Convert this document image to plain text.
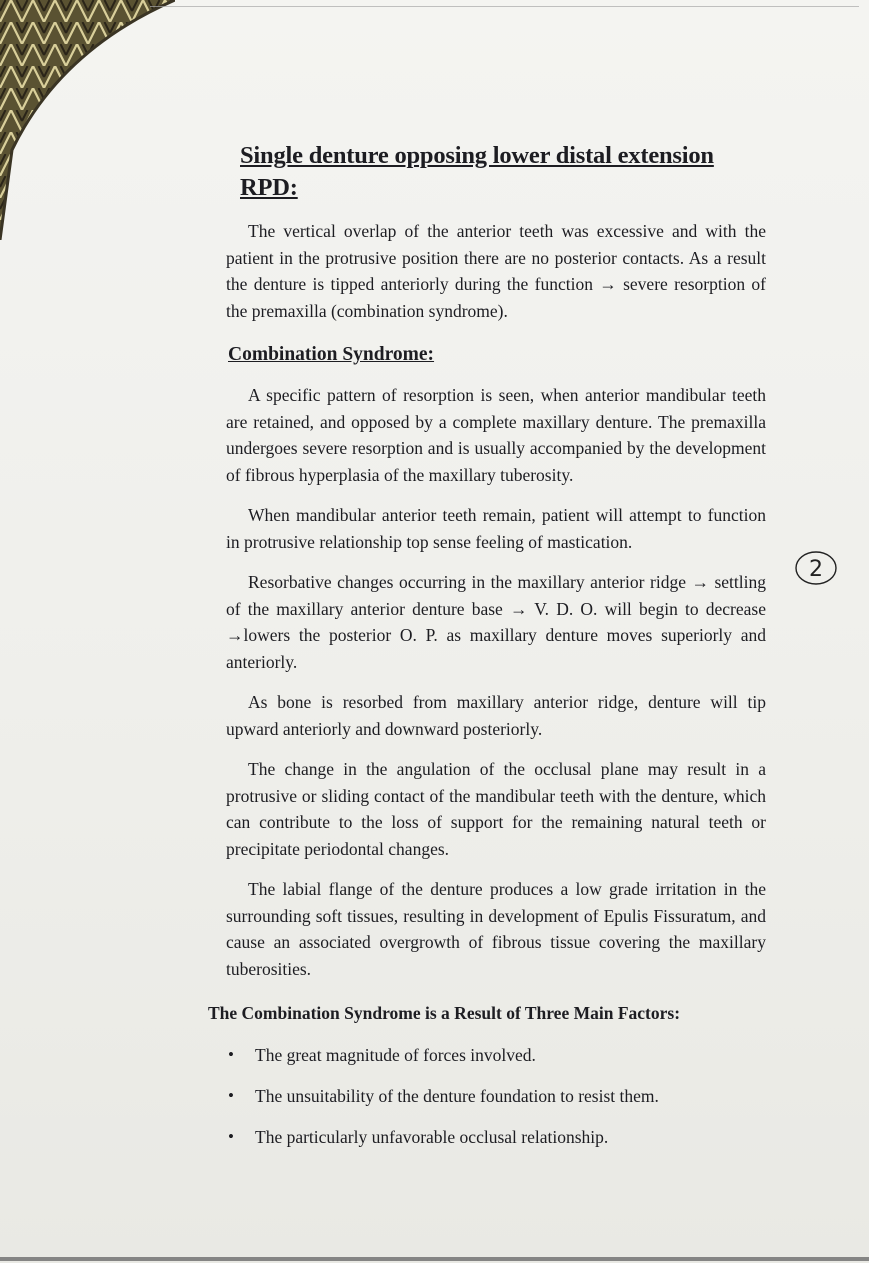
Single denture opposing lower distal extension RPD:

The vertical overlap of the anterior teeth was excessive and with the patient in the protrusive position there are no posterior contacts. As a result the denture is tipped anteriorly during the function → severe resorption of the premaxilla (combination syndrome).

Combination Syndrome:

A specific pattern of resorption is seen, when anterior mandibular teeth are retained, and opposed by a complete maxillary denture. The premaxilla undergoes severe resorption and is usually accompanied by the development of fibrous hyperplasia of the maxillary tuberosity.

When mandibular anterior teeth remain, patient will attempt to function in protrusive relationship top sense feeling of mastication.

Resorbative changes occurring in the maxillary anterior ridge → settling of the maxillary anterior denture base → V. D. O. will begin to decrease →lowers the posterior O. P. as maxillary denture moves superiorly and anteriorly.

As bone is resorbed from maxillary anterior ridge, denture will tip upward anteriorly and downward posteriorly.

The change in the angulation of the occlusal plane may result in a protrusive or sliding contact of the mandibular teeth with the denture, which can contribute to the loss of support for the remaining natural teeth or precipitate periodontal changes.

The labial flange of the denture produces a low grade irritation in the surrounding soft tissues, resulting in development of Epulis Fissuratum, and cause an associated overgrowth of fibrous tissue covering the maxillary tuberosities.

The Combination Syndrome is a Result of Three Main Factors:
• The great magnitude of forces involved.
• The unsuitability of the denture foundation to resist them.
• The particularly unfavorable occlusal relationship.
2
